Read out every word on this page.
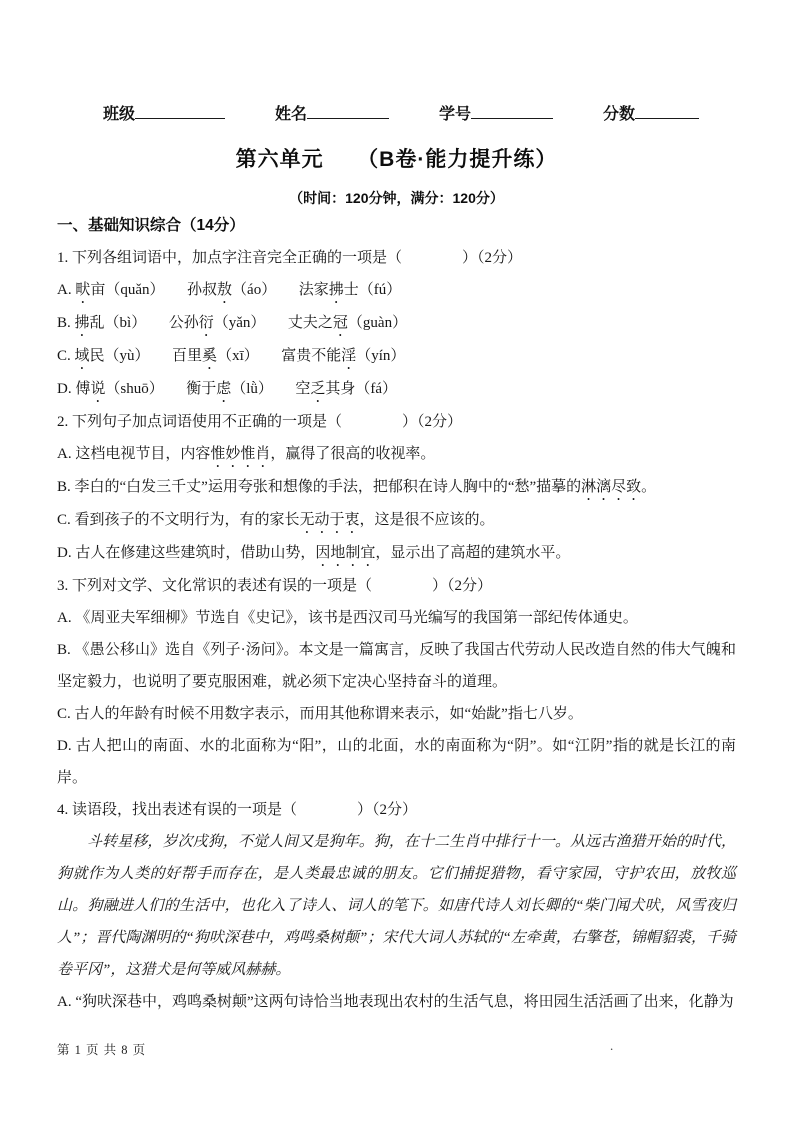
班级	姓名	学号	分数
第六单元　　（B卷·能力提升练）
（时间：120分钟，满分：120分）

一、基础知识综合（14分）

1. 下列各组词语中，加点字注音完全正确的一项是（　　　　）（2分）

A. 畎亩（quǎn）　　孙叔敖（áo）　　法家拂士（fú）

B. 拂乱（bì）　　公孙衍（yǎn）　　丈夫之冠（guàn）

C. 域民（yù）　　百里奚（xī）　　富贵不能淫（yín）

D. 傅说（shuō）　　衡于虑（lǜ）　　空乏其身（fá）

2. 下列句子加点词语使用不正确的一项是（　　　　）（2分）

A. 这档电视节目，内容惟妙惟肖，赢得了很高的收视率。

B. 李白的“白发三千丈”运用夸张和想像的手法，把郁积在诗人胸中的“愁”描摹的淋漓尽致。

C. 看到孩子的不文明行为，有的家长无动于衷，这是很不应该的。

D. 古人在修建这些建筑时，借助山势，因地制宜，显示出了高超的建筑水平。

3. 下列对文学、文化常识的表述有误的一项是（　　　　）（2分）

A. 《周亚夫军细柳》节选自《史记》，该书是西汉司马光编写的我国第一部纪传体通史。

B. 《愚公移山》选自《列子·汤问》。本文是一篇寓言，反映了我国古代劳动人民改造自然的伟大气魄和坚定毅力，也说明了要克服困难，就必须下定决心坚持奋斗的道理。

C. 古人的年龄有时候不用数字表示，而用其他称谓来表示，如“始龀”指七八岁。

D. 古人把山的南面、水的北面称为“阳”，山的北面，水的南面称为“阴”。如“江阴”指的就是长江的南岸。

4. 读语段，找出表述有误的一项是（　　　　）（2分）

斗转星移，岁次戌狗，不觉人间又是狗年。狗，在十二生肖中排行十一。从远古渔猎开始的时代，狗就作为人类的好帮手而存在，是人类最忠诚的朋友。它们捕捉猎物，看守家园，守护农田，放牧巡山。狗融进人们的生活中，也化入了诗人、词人的笔下。如唐代诗人刘长卿的“柴门闻犬吠，风雪夜归人”；晋代陶渊明的“狗吠深巷中，鸡鸣桑树颠”；宋代大词人苏轼的“左牵黄，右擎苍，锦帽貂裘，千骑卷平冈”，这猎犬是何等威风赫赫。

A. “狗吠深巷中，鸡鸣桑树颠”这两句诗恰当地表现出农村的生活气息，将田园生活活画了出来，化静为

第 1 页 共 8 页	.
